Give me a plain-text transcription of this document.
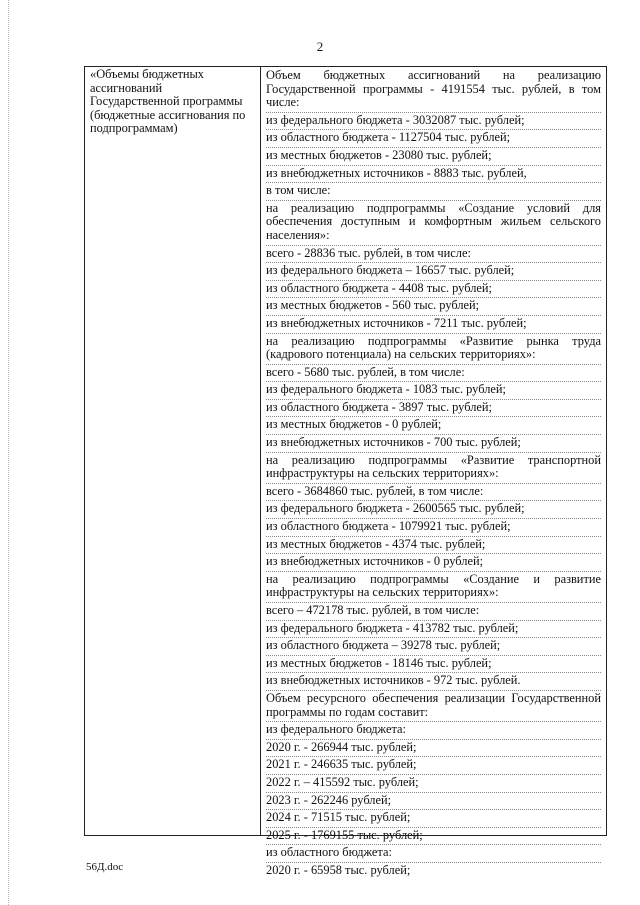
2
«Объемы бюджетных ассигнований Государственной программы (бюджетные ассигнования по подпрограммам)
Объем бюджетных ассигнований на реализацию Государственной программы - 4191554 тыс. рублей, в том числе:
из федерального бюджета - 3032087 тыс. рублей;
из областного бюджета - 1127504 тыс. рублей;
из местных бюджетов - 23080 тыс. рублей;
из внебюджетных источников - 8883 тыс. рублей,
в том числе:
на реализацию подпрограммы «Создание условий для обеспечения доступным и комфортным жильем сельского населения»:
всего - 28836 тыс. рублей, в том числе:
из федерального бюджета – 16657 тыс. рублей;
из областного бюджета - 4408 тыс. рублей;
из местных бюджетов - 560 тыс. рублей;
из внебюджетных источников - 7211 тыс. рублей;
на реализацию подпрограммы «Развитие рынка труда (кадрового потенциала) на сельских территориях»:
всего - 5680 тыс. рублей, в том числе:
из федерального бюджета - 1083 тыс. рублей;
из областного бюджета - 3897 тыс. рублей;
из местных бюджетов - 0 рублей;
из внебюджетных источников - 700 тыс. рублей;
на реализацию подпрограммы «Развитие транспортной инфраструктуры на сельских территориях»:
всего - 3684860 тыс. рублей, в том числе:
из федерального бюджета - 2600565 тыс. рублей;
из областного бюджета - 1079921 тыс. рублей;
из местных бюджетов - 4374 тыс. рублей;
из внебюджетных источников - 0 рублей;
на реализацию подпрограммы «Создание и развитие инфраструктуры на сельских территориях»:
всего – 472178 тыс. рублей, в том числе:
из федерального бюджета - 413782 тыс. рублей;
из областного бюджета – 39278 тыс. рублей;
из местных бюджетов - 18146 тыс. рублей;
из внебюджетных источников - 972 тыс. рублей.
Объем ресурсного обеспечения реализации Государственной программы по годам составит:
из федерального бюджета:
2020 г. - 266944 тыс. рублей;
2021 г. - 246635 тыс. рублей;
2022 г. – 415592 тыс. рублей;
2023 г. - 262246 рублей;
2024 г. - 71515 тыс. рублей;
2025 г. - 1769155 тыс. рублей;
из областного бюджета:
2020 г. - 65958 тыс. рублей;
56Д.doc
